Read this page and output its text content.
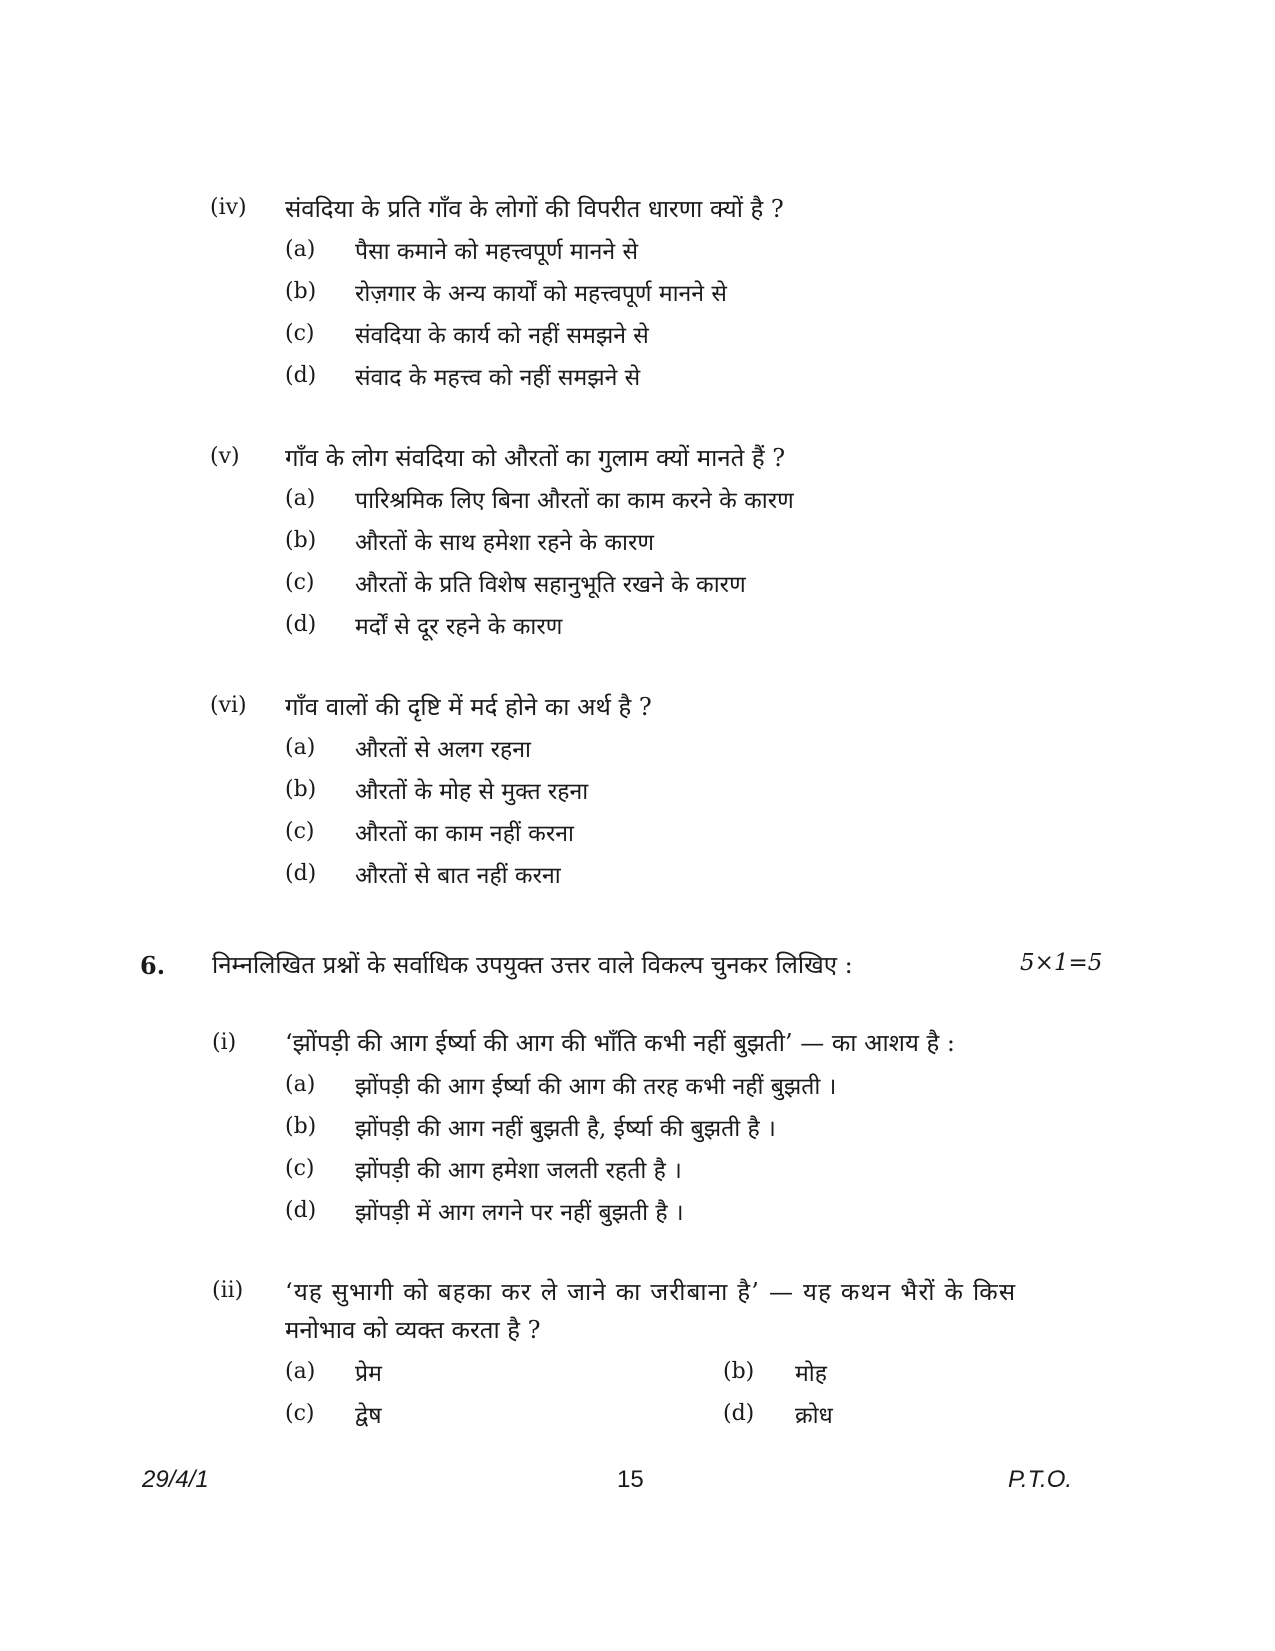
(iv) संवदिया के प्रति गाँव के लोगों की विपरीत धारणा क्यों है ?
(a) पैसा कमाने को महत्त्वपूर्ण मानने से
(b) रोज़गार के अन्य कार्यों को महत्त्वपूर्ण मानने से
(c) संवदिया के कार्य को नहीं समझने से
(d) संवाद के महत्त्व को नहीं समझने से
(v) गाँव के लोग संवदिया को औरतों का गुलाम क्यों मानते हैं ?
(a) पारिश्रमिक लिए बिना औरतों का काम करने के कारण
(b) औरतों के साथ हमेशा रहने के कारण
(c) औरतों के प्रति विशेष सहानुभूति रखने के कारण
(d) मर्दों से दूर रहने के कारण
(vi) गाँव वालों की दृष्टि में मर्द होने का अर्थ है ?
(a) औरतों से अलग रहना
(b) औरतों के मोह से मुक्त रहना
(c) औरतों का काम नहीं करना
(d) औरतों से बात नहीं करना
6. निम्नलिखित प्रश्नों के सर्वाधिक उपयुक्त उत्तर वाले विकल्प चुनकर लिखिए :	5×1=5
(i) ‘झोंपड़ी की आग ईर्ष्या की आग की भाँति कभी नहीं बुझती’ — का आशय है :
(a) झोंपड़ी की आग ईर्ष्या की आग की तरह कभी नहीं बुझती ।
(b) झोंपड़ी की आग नहीं बुझती है, ईर्ष्या की बुझती है ।
(c) झोंपड़ी की आग हमेशा जलती रहती है ।
(d) झोंपड़ी में आग लगने पर नहीं बुझती है ।
(ii) ‘यह सुभागी को बहका कर ले जाने का जरीबाना है’ — यह कथन भैरों के किस
मनोभाव को व्यक्त करता है ?
(a) प्रेम	(b) मोह
(c) द्वेष	(d) क्रोध
29/4/1	15	P.T.O.
